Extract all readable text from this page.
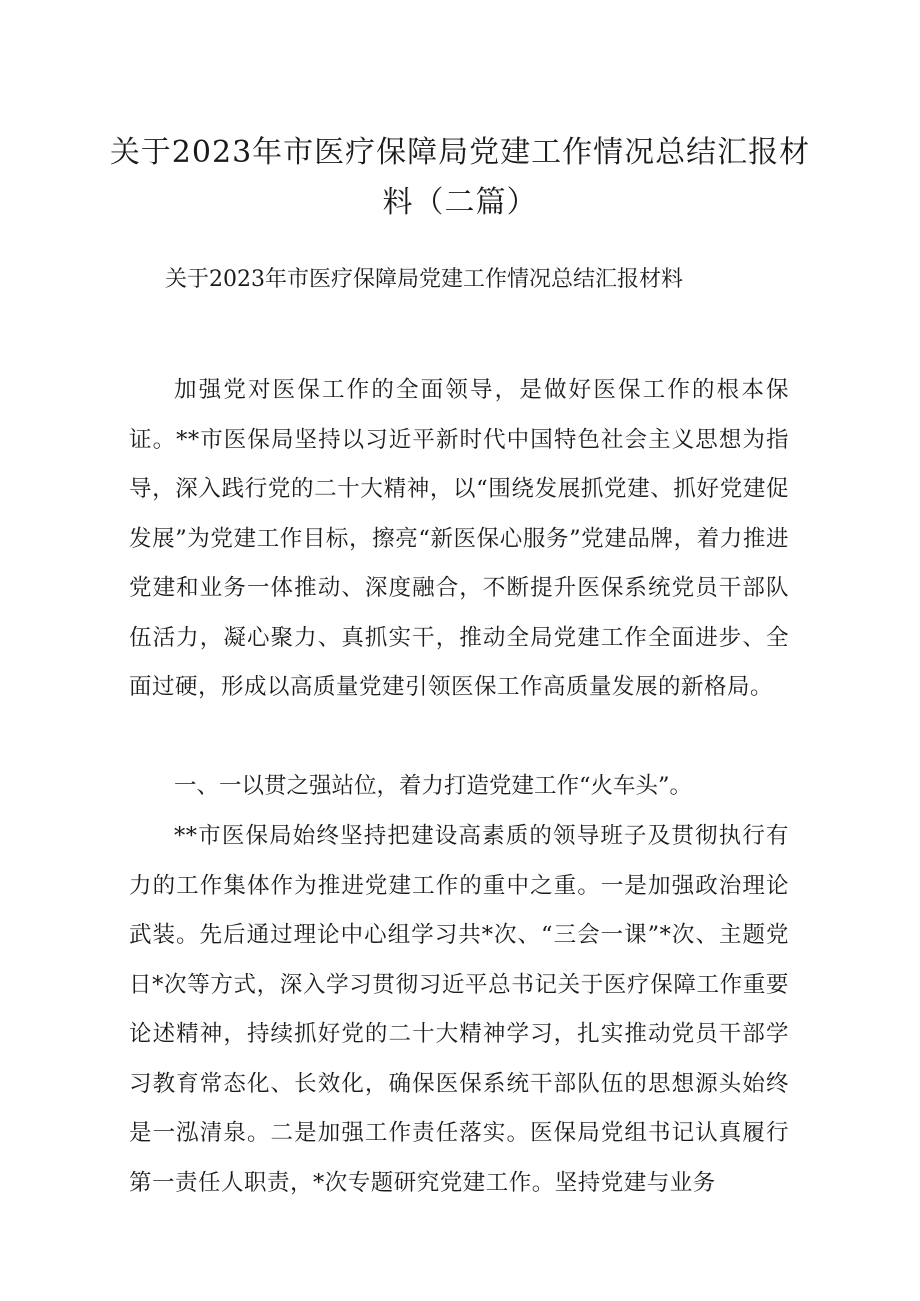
关于2023年市医疗保障局党建工作情况总结汇报材料（二篇）

关于2023年市医疗保障局党建工作情况总结汇报材料

加强党对医保工作的全面领导，是做好医保工作的根本保证。**市医保局坚持以习近平新时代中国特色社会主义思想为指导，深入践行党的二十大精神，以“围绕发展抓党建、抓好党建促发展”为党建工作目标，擦亮“新医保心服务”党建品牌，着力推进党建和业务一体推动、深度融合，不断提升医保系统党员干部队伍活力，凝心聚力、真抓实干，推动全局党建工作全面进步、全面过硬，形成以高质量党建引领医保工作高质量发展的新格局。

一、一以贯之强站位，着力打造党建工作“火车头”。

**市医保局始终坚持把建设高素质的领导班子及贯彻执行有力的工作集体作为推进党建工作的重中之重。一是加强政治理论武装。先后通过理论中心组学习共*次、“三会一课”*次、主题党日*次等方式，深入学习贯彻习近平总书记关于医疗保障工作重要论述精神，持续抓好党的二十大精神学习，扎实推动党员干部学习教育常态化、长效化，确保医保系统干部队伍的思想源头始终是一泓清泉。二是加强工作责任落实。医保局党组书记认真履行第一责任人职责，*次专题研究党建工作。坚持党建与业务
